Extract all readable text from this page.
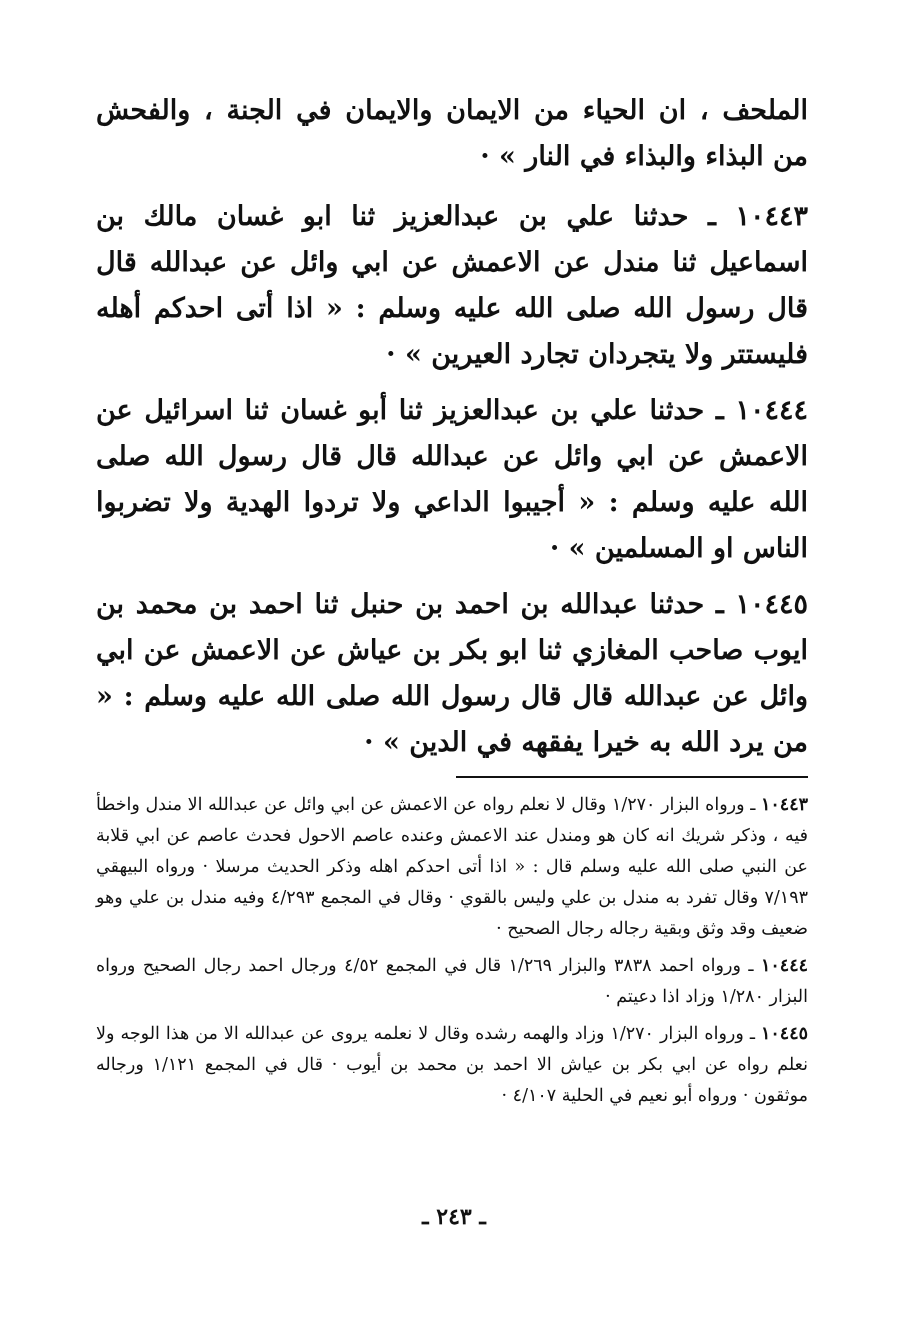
الملحف ، ان الحياء من الايمان والايمان في الجنة ، والفحش من البذاء والبذاء في النار » ·

١٠٤٤٣ ـ حدثنا علي بن عبدالعزيز ثنا ابو غسان مالك بن اسماعيل ثنا مندل عن الاعمش عن ابي وائل عن عبدالله قال قال رسول الله صلى الله عليه وسلم : « اذا أتى احدكم أهله فليستتر ولا يتجردان تجارد العيرين » ·

١٠٤٤٤ ـ حدثنا علي بن عبدالعزيز ثنا أبو غسان ثنا اسرائيل عن الاعمش عن ابي وائل عن عبدالله قال قال رسول الله صلى الله عليه وسلم : « أجيبوا الداعي ولا تردوا الهدية ولا تضربوا الناس او المسلمين » ·

١٠٤٤٥ ـ حدثنا عبدالله بن احمد بن حنبل ثنا احمد بن محمد بن ايوب صاحب المغازي ثنا ابو بكر بن عياش عن الاعمش عن ابي وائل عن عبدالله قال قال رسول الله صلى الله عليه وسلم : « من يرد الله به خيرا يفقهه في الدين » ·

١٠٤٤٣ ـ ورواه البزار ١/٢٧٠ وقال لا نعلم رواه عن الاعمش عن ابي وائل عن عبدالله الا مندل واخطأ فيه ، وذكر شريك انه كان هو ومندل عند الاعمش وعنده عاصم الاحول فحدث عاصم عن ابي قلابة عن النبي صلى الله عليه وسلم قال : « اذا أتى احدكم اهله وذكر الحديث مرسلا · ورواه البيهقي ٧/١٩٣ وقال تفرد به مندل بن علي وليس بالقوي · وقال في المجمع ٤/٢٩٣ وفيه مندل بن علي وهو ضعيف وقد وثق وبقية رجاله رجال الصحيح ·

١٠٤٤٤ ـ ورواه احمد ٣٨٣٨ والبزار ١/٢٦٩ قال في المجمع ٤/٥٢ ورجال احمد رجال الصحيح ورواه البزار ١/٢٨٠ وزاد اذا دعيتم ·

١٠٤٤٥ ـ ورواه البزار ١/٢٧٠ وزاد والهمه رشده وقال لا نعلمه يروى عن عبدالله الا من هذا الوجه ولا نعلم رواه عن ابي بكر بن عياش الا احمد بن محمد بن أيوب · قال في المجمع ١/١٢١ ورجاله موثقون · ورواه أبو نعيم في الحلية ٤/١٠٧ ·

ـ ٢٤٣ ـ
